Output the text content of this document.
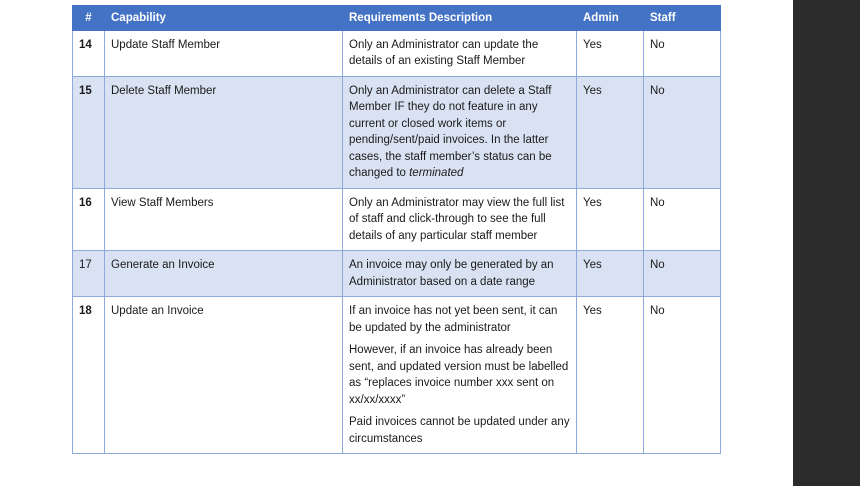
#	Capability	Requirements Description	Admin	Staff
14	Update Staff Member	Only an Administrator can update the details of an existing Staff Member	Yes	No
15	Delete Staff Member	Only an Administrator can delete a Staff Member IF they do not feature in any current or closed work items or pending/sent/paid invoices. In the latter cases, the staff member’s status can be changed to terminated	Yes	No
16	View Staff Members	Only an Administrator may view the full list of staff and click-through to see the full details of any particular staff member	Yes	No
17	Generate an Invoice	An invoice may only be generated by an Administrator based on a date range	Yes	No
18	Update an Invoice	If an invoice has not yet been sent, it can be updated by the administrator

However, if an invoice has already been sent, and updated version must be labelled as “replaces invoice number xxx sent on xx/xx/xxxx”

Paid invoices cannot be updated under any circumstances	Yes	No
